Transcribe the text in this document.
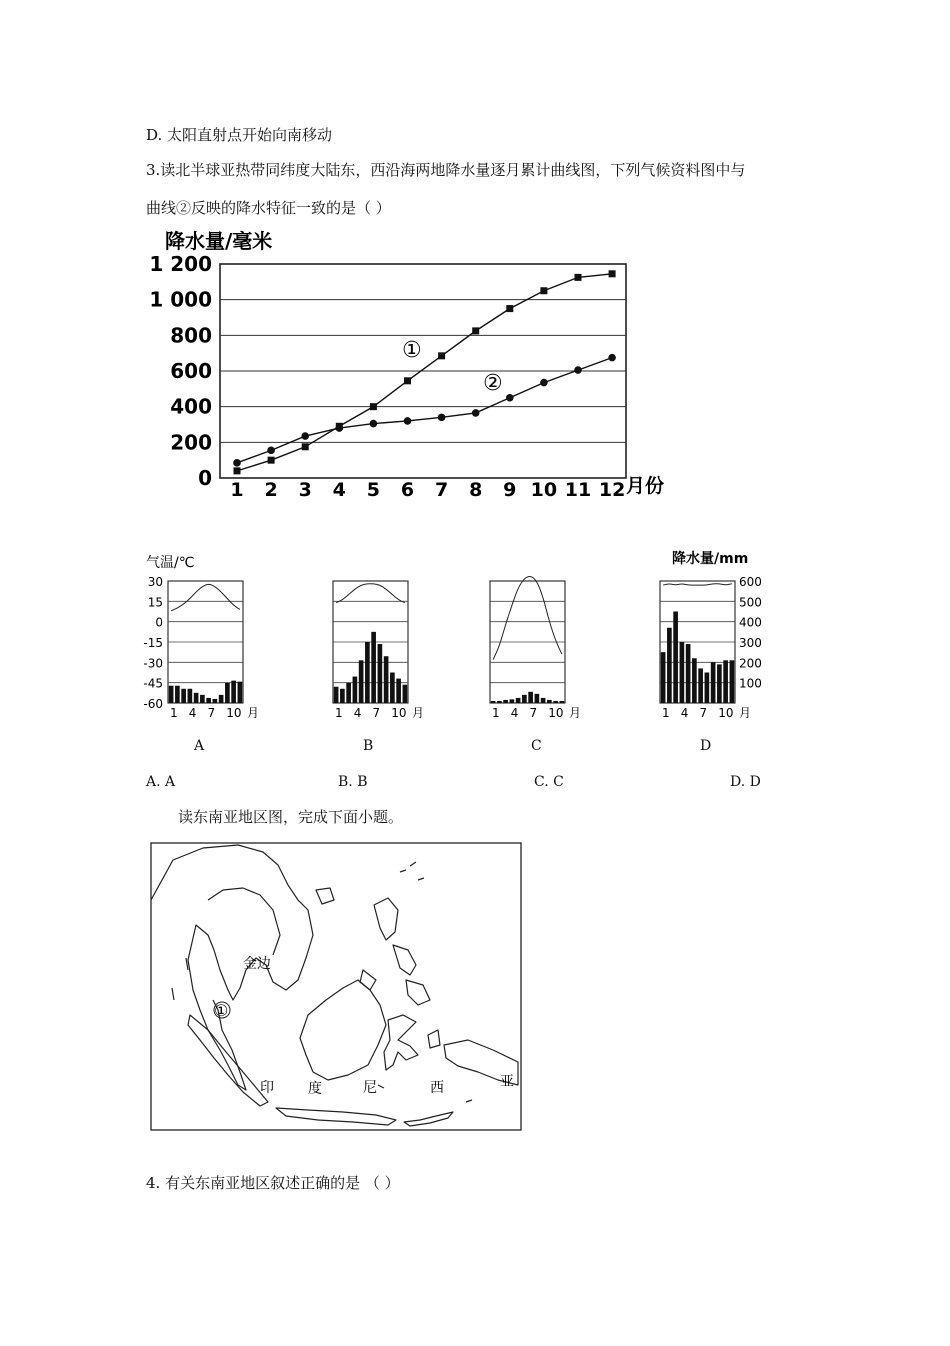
D. 太阳直射点开始向南移动
3.读北半球亚热带同纬度大陆东，西沿海两地降水量逐月累计曲线图，下列气候资料图中与
曲线②反映的降水特征一致的是（ ）
降水量/毫米
月份
0
200
400
600
800
1 000
1 200
1 2 3 4 5 6 7 8 9 10 11 12
①
②
气温/℃	降水量/mm
30
15
0
-15
-30
-45
-60
600
500
400
300
200
100
1 4 7 10 月	1 4 7 10 月	1 4 7 10 月	1 4 7 10 月
A	B	C	D
A. A	B. B	C. C	D. D
读东南亚地区图，完成下面小题。
①
金边
印 度	尼	西	亚
4. 有关东南亚地区叙述正确的是 （ ）
